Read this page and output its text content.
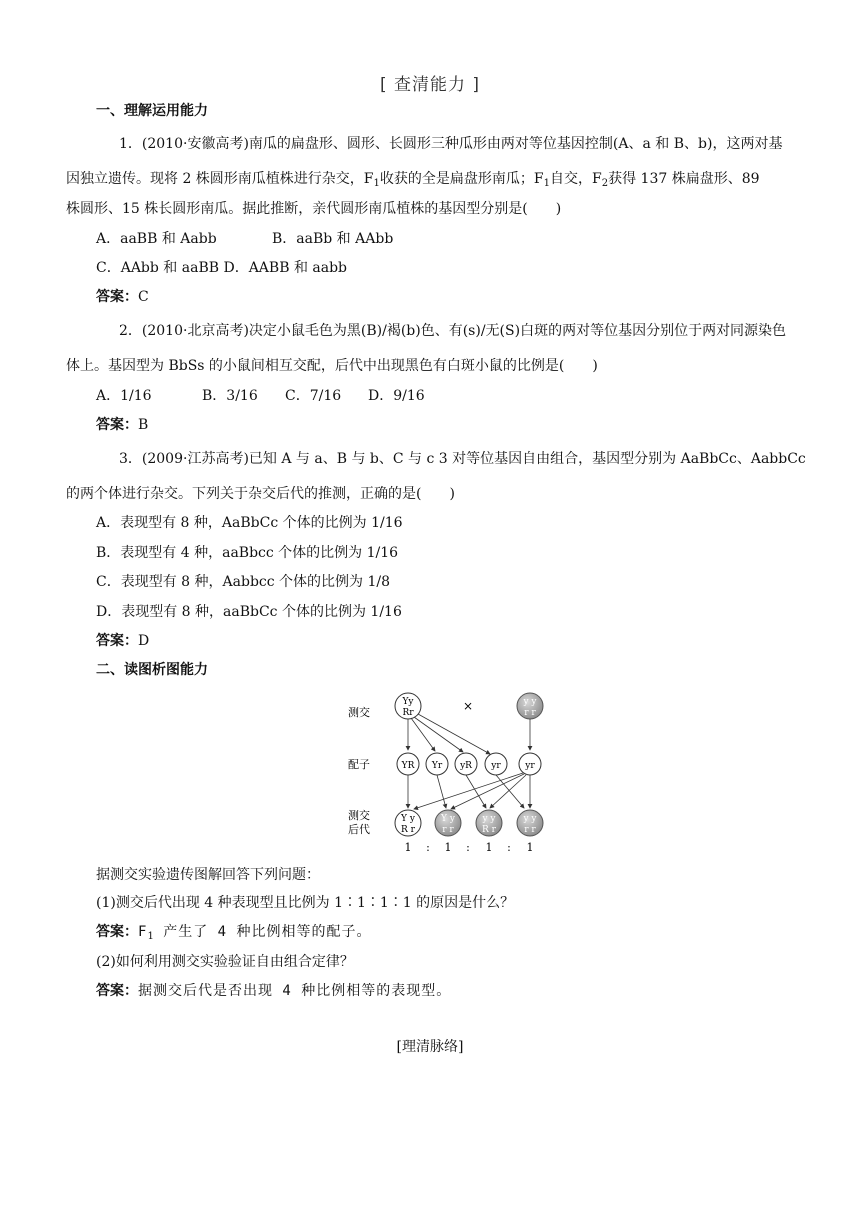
[ 查清能力 ]
一、理解运用能力
1．(2010·安徽高考)南瓜的扁盘形、圆形、长圆形三种瓜形由两对等位基因控制(A、a 和 B、b)，这两对基
因独立遗传。现将 2 株圆形南瓜植株进行杂交，$F_1$收获的全是扁盘形南瓜；$F_1$自交，$F_2$获得 137 株扁盘形、89
株圆形、15 株长圆形南瓜。据此推断，亲代圆形南瓜植株的基因型分别是(　　)
A．aaBB 和 Aabb	B．aaBb 和 AAbb
C．AAbb 和 aaBB D．AABB 和 aabb
答案：C
2．(2010·北京高考)决定小鼠毛色为黑(B)/褐(b)色、有(s)/无(S)白斑的两对等位基因分别位于两对同源染色
体上。基因型为 BbSs 的小鼠间相互交配，后代中出现黑色有白斑小鼠的比例是(　　)
A．1/16	B．3/16 C．7/16 D．9/16
答案：B
3．(2009·江苏高考)已知 A 与 a、B 与 b、C 与 c 3 对等位基因自由组合，基因型分别为 AaBbCc、AabbCc
的两个体进行杂交。下列关于杂交后代的推测，正确的是(　　)
A．表现型有 8 种，AaBbCc 个体的比例为 1/16
B．表现型有 4 种，aaBbcc 个体的比例为 1/16
C．表现型有 8 种，Aabbcc 个体的比例为 1/8
D．表现型有 8 种，aaBbCc 个体的比例为 1/16
答案：D
二、读图析图能力
测交
配子
测交
后代
Yy
Rr	×	y y
r r
YR Yr yR yr	yr
Y y
R r
Y y
r r
y y
R r
y y
r r
1 : 1 : 1 : 1
据测交实验遗传图解回答下列问题：
(1)测交后代出现 4 种表现型且比例为 1∶1∶1∶1 的原因是什么？
答案：$F_1$ 产生了 4 种比例相等的配子。
(2)如何利用测交实验验证自由组合定律？
答案：据测交后代是否出现 4 种比例相等的表现型。
[理清脉络]
